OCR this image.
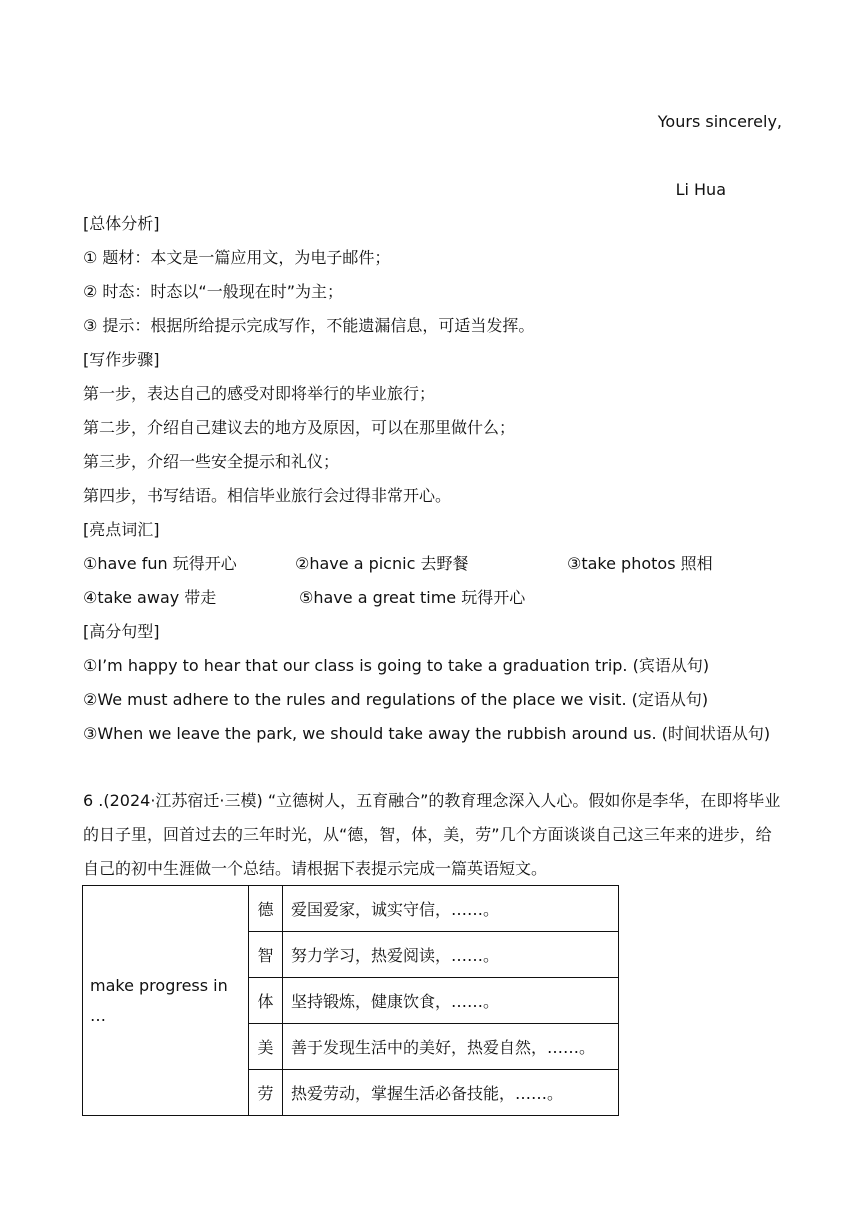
Yours sincerely,
Li Hua
[总体分析]
① 题材：本文是一篇应用文，为电子邮件；
② 时态：时态以“一般现在时”为主；
③ 提示：根据所给提示完成写作，不能遗漏信息，可适当发挥。
[写作步骤]
第一步，表达自己的感受对即将举行的毕业旅行；
第二步，介绍自己建议去的地方及原因，可以在那里做什么；
第三步，介绍一些安全提示和礼仪；
第四步，书写结语。相信毕业旅行会过得非常开心。
[亮点词汇]
①have fun 玩得开心	②have a picnic 去野餐	③take photos 照相
④take away 带走	⑤have a great time 玩得开心
[高分句型]
①I’m happy to hear that our class is going to take a graduation trip. (宾语从句)
②We must adhere to the rules and regulations of the place we visit. (定语从句)
③When we leave the park, we should take away the rubbish around us. (时间状语从句)
6 .(2024·江苏宿迁·三模) “立德树人，五育融合”的教育理念深入人心。假如你是李华，在即将毕业的日子里，回首过去的三年时光，从“德，智，体，美，劳”几个方面谈谈自己这三年来的进步，给自己的初中生涯做一个总结。请根据下表提示完成一篇英语短文。
make progress in …	德	爱国爱家，诚实守信，……。
	智	努力学习，热爱阅读，……。
	体	坚持锻炼，健康饮食，……。
	美	善于发现生活中的美好，热爱自然，……。
	劳	热爱劳动，掌握生活必备技能，……。
